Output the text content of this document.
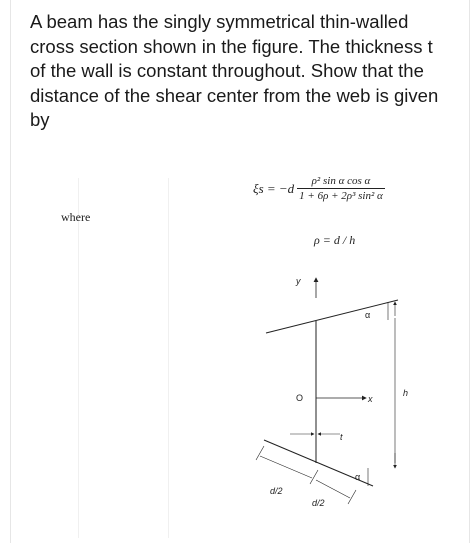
A beam has the singly symmetrical thin-walled
cross section shown in the figure. The thickness t
of the wall is constant throughout. Show that the
distance of the shear center from the web is given
by
$\xi s = -d \frac{\text{ρ² sin α cos α}}{\text{1 + 6ρ + 2ρ³ sin² α}}$
where
ρ = d / h
y
h
α
α
x
O
t
d/2
d/2
